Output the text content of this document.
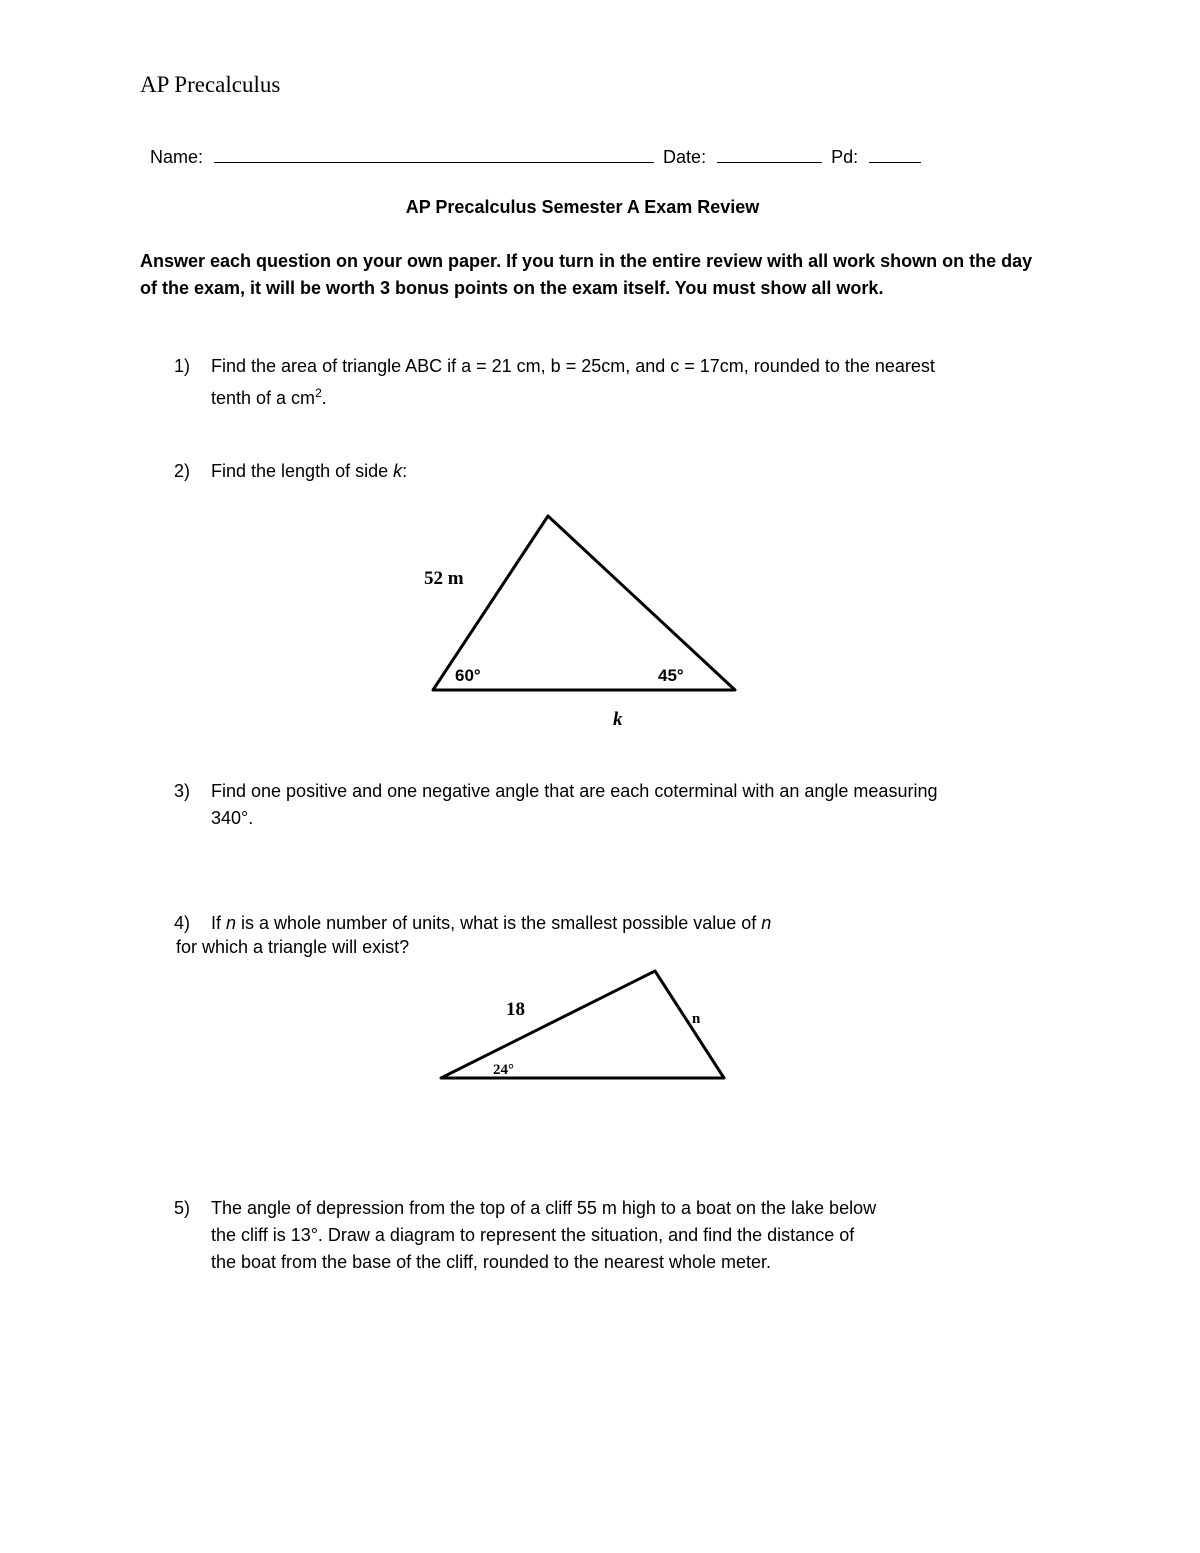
AP Precalculus
Name:	Date:	Pd:
AP Precalculus Semester A Exam Review
Answer each question on your own paper. If you turn in the entire review with all work shown on the day of the exam, it will be worth 3 bonus points on the exam itself. You must show all work.
1) Find the area of triangle ABC if a = 21 cm, b = 25cm, and c = 17cm, rounded to the nearest
tenth of a $cm^2$.
2) Find the length of side k:
52 m
60°	45°
k
18
24°
n
3) Find one positive and one negative angle that are each coterminal with an angle measuring
340°.
4) If n is a whole number of units, what is the smallest possible value of n
for which a triangle will exist?
5) The angle of depression from the top of a cliff 55 m high to a boat on the lake below
the cliff is 13°. Draw a diagram to represent the situation, and find the distance of
the boat from the base of the cliff, rounded to the nearest whole meter.
